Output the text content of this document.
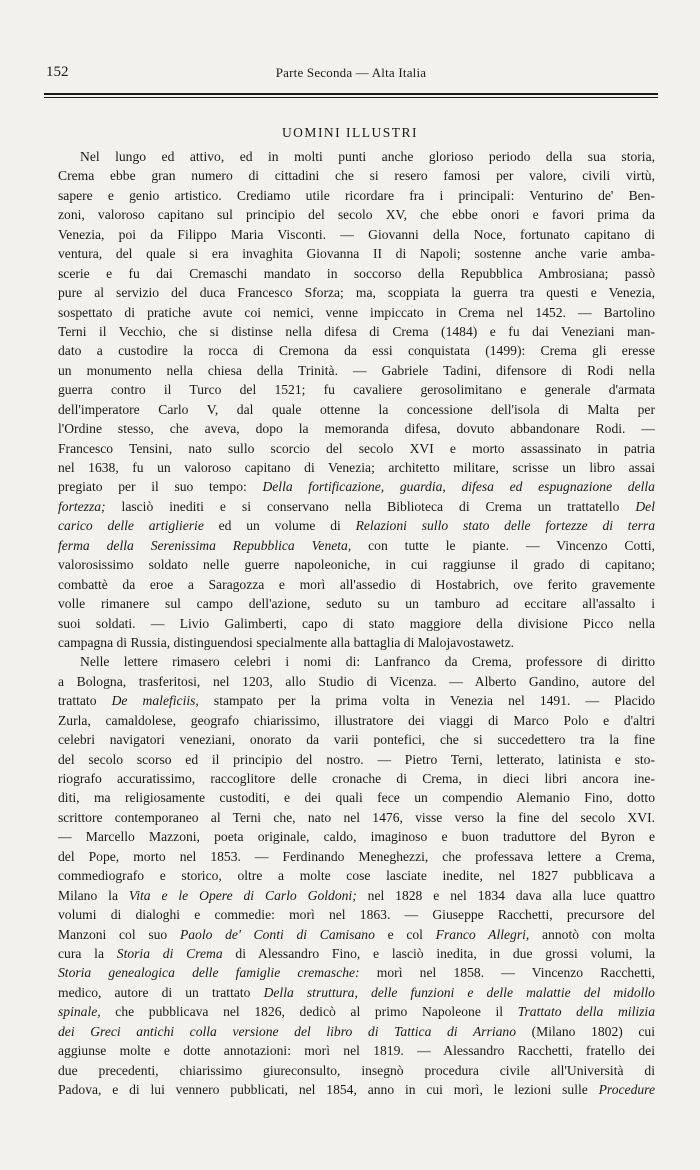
152	Parte Seconda — Alta Italia
UOMINI ILLUSTRI
Nel lungo ed attivo, ed in molti punti anche glorioso periodo della sua storia,
Crema ebbe gran numero di cittadini che si resero famosi per valore, civili virtù,
sapere e genio artistico. Crediamo utile ricordare fra i principali: Venturino de' Ben-
zoni, valoroso capitano sul principio del secolo XV, che ebbe onori e favori prima da
Venezia, poi da Filippo Maria Visconti. — Giovanni della Noce, fortunato capitano di
ventura, del quale si era invaghita Giovanna II di Napoli; sostenne anche varie amba-
scerie e fu dai Cremaschi mandato in soccorso della Repubblica Ambrosiana; passò
pure al servizio del duca Francesco Sforza; ma, scoppiata la guerra tra questi e Venezia,
sospettato di pratiche avute coi nemici, venne impiccato in Crema nel 1452. — Bartolino
Terni il Vecchio, che si distinse nella difesa di Crema (1484) e fu dai Veneziani man-
dato a custodire la rocca di Cremona da essi conquistata (1499): Crema gli eresse
un monumento nella chiesa della Trinità. — Gabriele Tadini, difensore di Rodi nella
guerra contro il Turco del 1521; fu cavaliere gerosolimitano e generale d'armata
dell'imperatore Carlo V, dal quale ottenne la concessione dell'isola di Malta per
l'Ordine stesso, che aveva, dopo la memoranda difesa, dovuto abbandonare Rodi. —
Francesco Tensini, nato sullo scorcio del secolo XVI e morto assassinato in patria
nel 1638, fu un valoroso capitano di Venezia; architetto militare, scrisse un libro assai
pregiato per il suo tempo: Della fortificazione, guardia, difesa ed espugnazione della
fortezza; lasciò inediti e si conservano nella Biblioteca di Crema un trattatello Del
carico delle artiglierie ed un volume di Relazioni sullo stato delle fortezze di terra
ferma della Serenissima Repubblica Veneta, con tutte le piante. — Vincenzo Cotti,
valorosissimo soldato nelle guerre napoleoniche, in cui raggiunse il grado di capitano;
combattè da eroe a Saragozza e morì all'assedio di Hostabrich, ove ferito gravemente
volle rimanere sul campo dell'azione, seduto su un tamburo ad eccitare all'assalto i
suoi soldati. — Livio Galimberti, capo di stato maggiore della divisione Picco nella
campagna di Russia, distinguendosi specialmente alla battaglia di Malojavostawetz.
Nelle lettere rimasero celebri i nomi di: Lanfranco da Crema, professore di diritto
a Bologna, trasferitosi, nel 1203, allo Studio di Vicenza. — Alberto Gandino, autore del
trattato De maleficiis, stampato per la prima volta in Venezia nel 1491. — Placido
Zurla, camaldolese, geografo chiarissimo, illustratore dei viaggi di Marco Polo e d'altri
celebri navigatori veneziani, onorato da varii pontefici, che si succedettero tra la fine
del secolo scorso ed il principio del nostro. — Pietro Terni, letterato, latinista e sto-
riografo accuratissimo, raccoglitore delle cronache di Crema, in dieci libri ancora ine-
diti, ma religiosamente custoditi, e dei quali fece un compendio Alemanio Fino, dotto
scrittore contemporaneo al Terni che, nato nel 1476, visse verso la fine del secolo XVI.
— Marcello Mazzoni, poeta originale, caldo, imaginoso e buon traduttore del Byron e
del Pope, morto nel 1853. — Ferdinando Meneghezzi, che professava lettere a Crema,
commediografo e storico, oltre a molte cose lasciate inedite, nel 1827 pubblicava a
Milano la Vita e le Opere di Carlo Goldoni; nel 1828 e nel 1834 dava alla luce quattro
volumi di dialoghi e commedie: morì nel 1863. — Giuseppe Racchetti, precursore del
Manzoni col suo Paolo de' Conti di Camisano e col Franco Allegri, annotò con molta
cura la Storia di Crema di Alessandro Fino, e lasciò inedita, in due grossi volumi, la
Storia genealogica delle famiglie cremasche: morì nel 1858. — Vincenzo Racchetti,
medico, autore di un trattato Della struttura, delle funzioni e delle malattie del midollo
spinale, che pubblicava nel 1826, dedicò al primo Napoleone il Trattato della milizia
dei Greci antichi colla versione del libro di Tattica di Arriano (Milano 1802) cui
aggiunse molte e dotte annotazioni: morì nel 1819. — Alessandro Racchetti, fratello dei
due precedenti, chiarissimo giureconsulto, insegnò procedura civile all'Università di
Padova, e di lui vennero pubblicati, nel 1854, anno in cui morì, le lezioni sulle Procedure
